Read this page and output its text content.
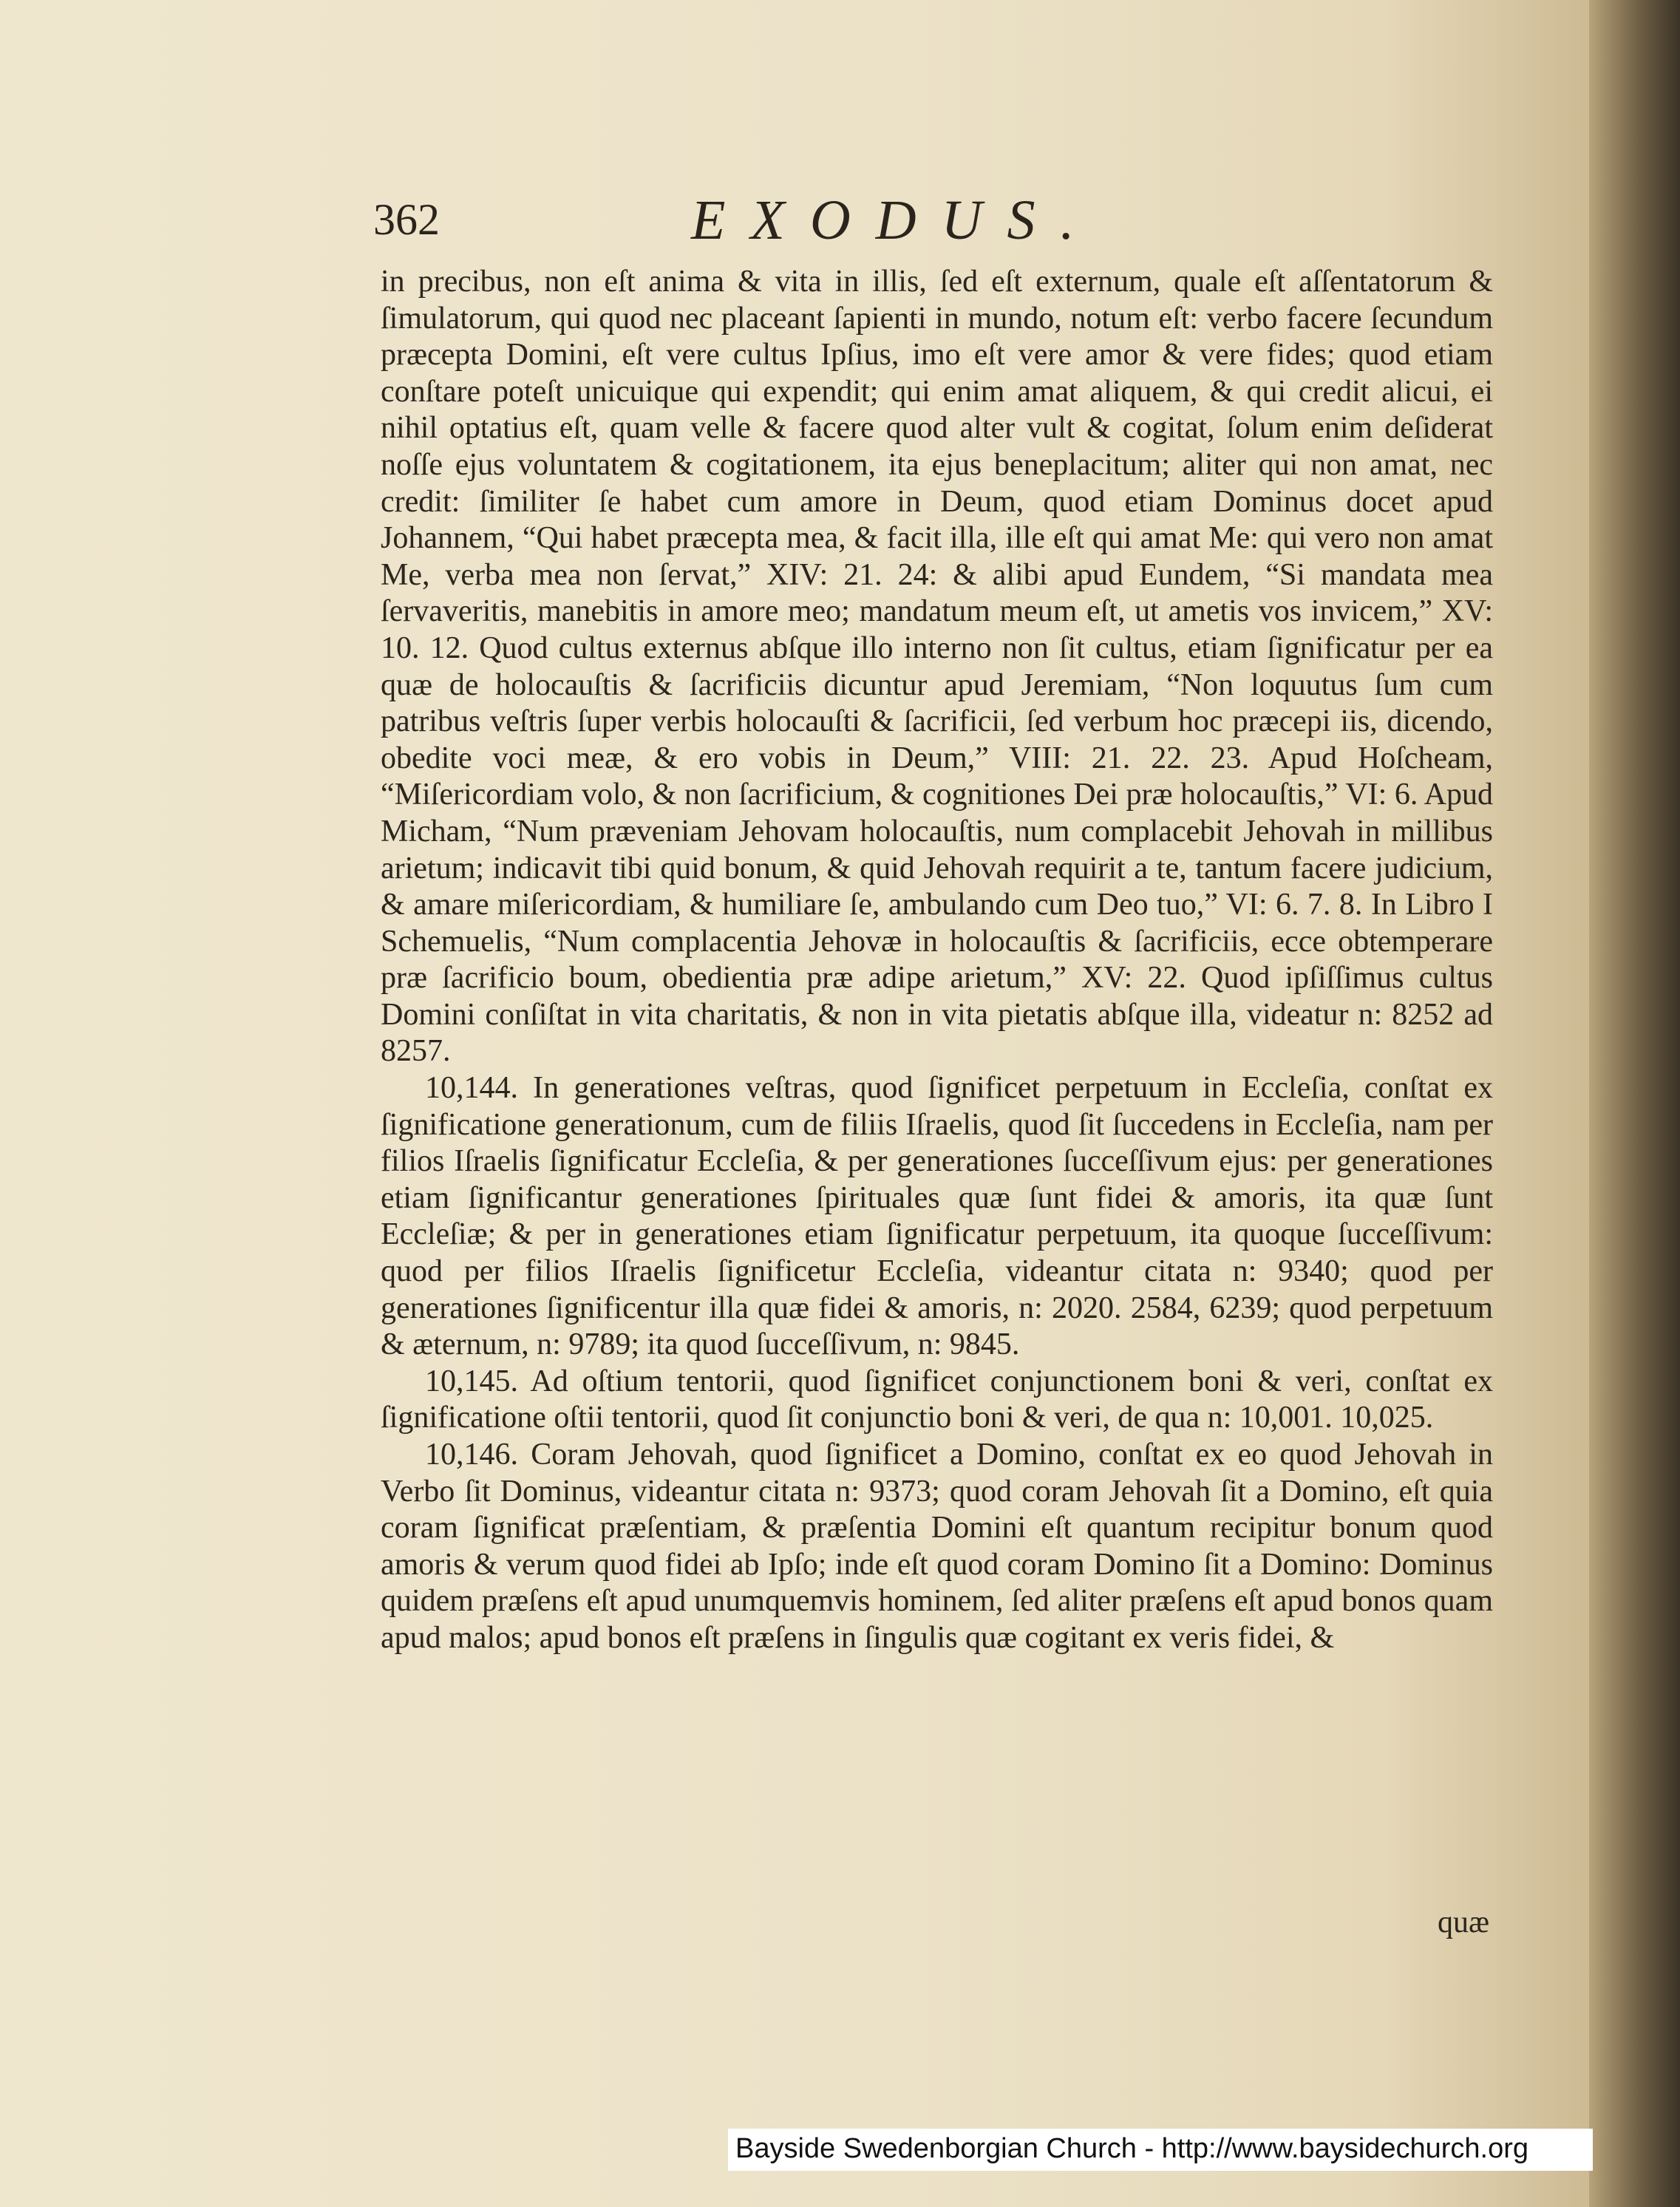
362	EXODUS.

in precibus, non eſt anima & vita in illis, ſed eſt externum, quale eſt aſſentatorum & ſimulatorum, qui quod nec placeant ſapienti in mundo, notum eſt: verbo facere ſecundum præcepta Domini, eſt vere cultus Ipſius, imo eſt vere amor & vere fides; quod etiam conſtare poteſt unicuique qui expendit; qui enim amat aliquem, & qui credit alicui, ei nihil optatius eſt, quam velle & facere quod alter vult & cogitat, ſolum enim deſiderat noſſe ejus voluntatem & cogitationem, ita ejus beneplacitum; aliter qui non amat, nec credit: ſimiliter ſe habet cum amore in Deum, quod etiam Dominus docet apud Johannem, “Qui habet præcepta mea, & facit illa, ille eſt qui amat Me: qui vero non amat Me, verba mea non ſervat,” XIV: 21. 24: & alibi apud Eundem, “Si mandata mea ſervaveritis, manebitis in amore meo; mandatum meum eſt, ut ametis vos invicem,” XV: 10. 12. Quod cultus externus abſque illo interno non ſit cultus, etiam ſignificatur per ea quæ de holocauſtis & ſacrificiis dicuntur apud Jeremiam, “Non loquutus ſum cum patribus veſtris ſuper verbis holocauſti & ſacrificii, ſed verbum hoc præcepi iis, dicendo, obedite voci meæ, & ero vobis in Deum,” VIII: 21. 22. 23. Apud Hoſcheam, “Miſericordiam volo, & non ſacrificium, & cognitiones Dei præ holocauſtis,” VI: 6. Apud Micham, “Num præveniam Jehovam holocauſtis, num complacebit Jehovah in millibus arietum; indicavit tibi quid bonum, & quid Jehovah requirit a te, tantum facere judicium, & amare miſericordiam, & humiliare ſe, ambulando cum Deo tuo,” VI: 6. 7. 8. In Libro I Schemuelis, “Num complacentia Jehovæ in holocauſtis & ſacrificiis, ecce obtemperare præ ſacrificio boum, obedientia præ adipe arietum,” XV: 22. Quod ipſiſſimus cultus Domini conſiſtat in vita charitatis, & non in vita pietatis abſque illa, videatur n: 8252 ad 8257.

10,144. In generationes veſtras, quod ſignificet perpetuum in Eccleſia, conſtat ex ſignificatione generationum, cum de filiis Iſraelis, quod ſit ſuccedens in Eccleſia, nam per filios Iſraelis ſignificatur Eccleſia, & per generationes ſucceſſivum ejus: per generationes etiam ſignificantur generationes ſpirituales quæ ſunt fidei & amoris, ita quæ ſunt Eccleſiæ; & per in generationes etiam ſignificatur perpetuum, ita quoque ſucceſſivum: quod per filios Iſraelis ſignificetur Eccleſia, videantur citata n: 9340; quod per generationes ſignificentur illa quæ fidei & amoris, n: 2020. 2584, 6239; quod perpetuum & æternum, n: 9789; ita quod ſucceſſivum, n: 9845.

10,145. Ad oſtium tentorii, quod ſignificet conjunctionem boni & veri, conſtat ex ſignificatione oſtii tentorii, quod ſit conjunctio boni & veri, de qua n: 10,001. 10,025.

10,146. Coram Jehovah, quod ſignificet a Domino, conſtat ex eo quod Jehovah in Verbo ſit Dominus, videantur citata n: 9373; quod coram Jehovah ſit a Domino, eſt quia coram ſignificat præſentiam, & præſentia Domini eſt quantum recipitur bonum quod amoris & verum quod fidei ab Ipſo; inde eſt quod coram Domino ſit a Domino: Dominus quidem præſens eſt apud unumquemvis hominem, ſed aliter præſens eſt apud bonos quam apud malos; apud bonos eſt præſens in ſingulis quæ cogitant ex veris fidei, &

quæ
Bayside Swedenborgian Church - http://www.baysidechurch.org
